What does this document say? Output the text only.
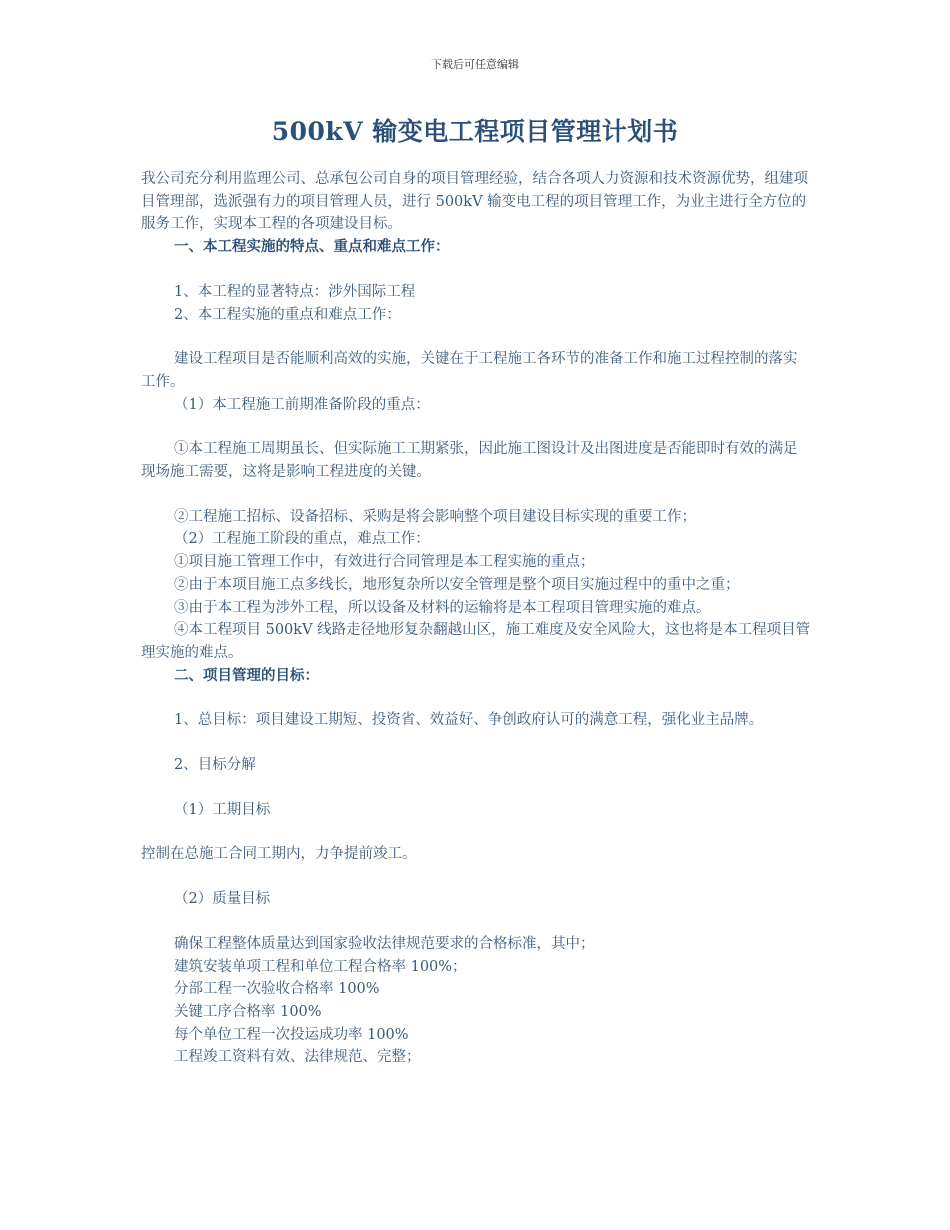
下载后可任意编辑
500kV 输变电工程项目管理计划书

我公司充分利用监理公司、总承包公司自身的项目管理经验，结合各项人力资源和技术资源优势，组建项目管理部，选派强有力的项目管理人员，进行 500kV 输变电工程的项目管理工作，为业主进行全方位的服务工作，实现本工程的各项建设目标。

一、本工程实施的特点、重点和难点工作：

1、本工程的显著特点：涉外国际工程

2、本工程实施的重点和难点工作：

建设工程项目是否能顺利高效的实施，关键在于工程施工各环节的准备工作和施工过程控制的落实工作。

（1）本工程施工前期准备阶段的重点：

①本工程施工周期虽长、但实际施工工期紧张，因此施工图设计及出图进度是否能即时有效的满足现场施工需要，这将是影响工程进度的关键。

②工程施工招标、设备招标、采购是将会影响整个项目建设目标实现的重要工作；

（2）工程施工阶段的重点，难点工作：

①项目施工管理工作中，有效进行合同管理是本工程实施的重点；

②由于本项目施工点多线长，地形复杂所以安全管理是整个项目实施过程中的重中之重；

③由于本工程为涉外工程，所以设备及材料的运输将是本工程项目管理实施的难点。

④本工程项目 500kV 线路走径地形复杂翻越山区，施工难度及安全风险大，这也将是本工程项目管理实施的难点。

二、项目管理的目标：

1、总目标：项目建设工期短、投资省、效益好、争创政府认可的满意工程，强化业主品牌。

2、目标分解

（1）工期目标

控制在总施工合同工期内，力争提前竣工。

（2）质量目标

确保工程整体质量达到国家验收法律规范要求的合格标准，其中；

建筑安装单项工程和单位工程合格率 100%；

分部工程一次验收合格率 100%

关键工序合格率 100%

每个单位工程一次投运成功率 100%

工程竣工资料有效、法律规范、完整；
